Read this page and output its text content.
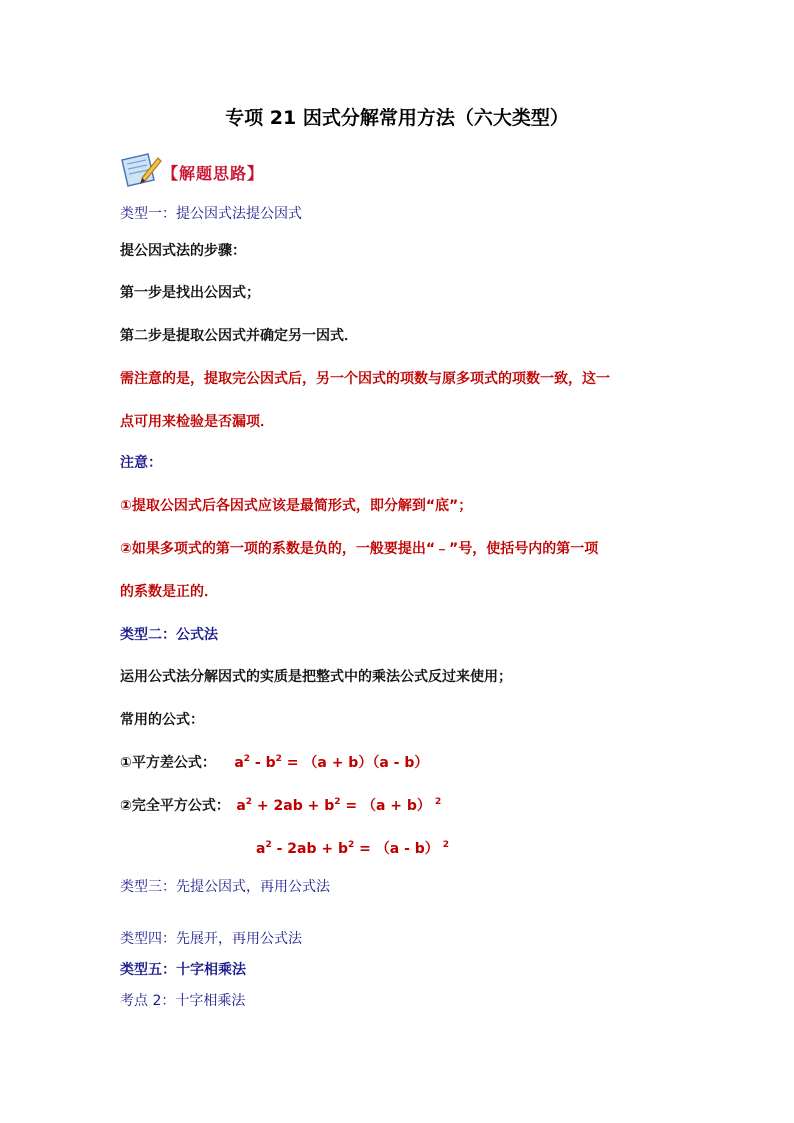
专项 21 因式分解常用方法（六大类型）
【解题思路】
类型一：提公因式法提公因式
提公因式法的步骤：
第一步是找出公因式；
第二步是提取公因式并确定另一因式．
需注意的是，提取完公因式后，另一个因式的项数与原多项式的项数一致，这一
点可用来检验是否漏项．
注意：
①提取公因式后各因式应该是最简形式，即分解到“底”；
②如果多项式的第一项的系数是负的，一般要提出“﹣”号，使括号内的第一项
的系数是正的．
类型二：公式法
运用公式法分解因式的实质是把整式中的乘法公式反过来使用；
常用的公式：
①平方差公式： $a^2 - b^2 = (a + b)(a - b)$
②完全平方公式： $a^2 + 2ab + b^2 = (a + b)$ $^2$
$a^2 - 2ab + b^2 = (a - b)$ $^2$
类型三：先提公因式，再用公式法
类型四：先展开，再用公式法
类型五：十字相乘法
考点 2：十字相乘法
